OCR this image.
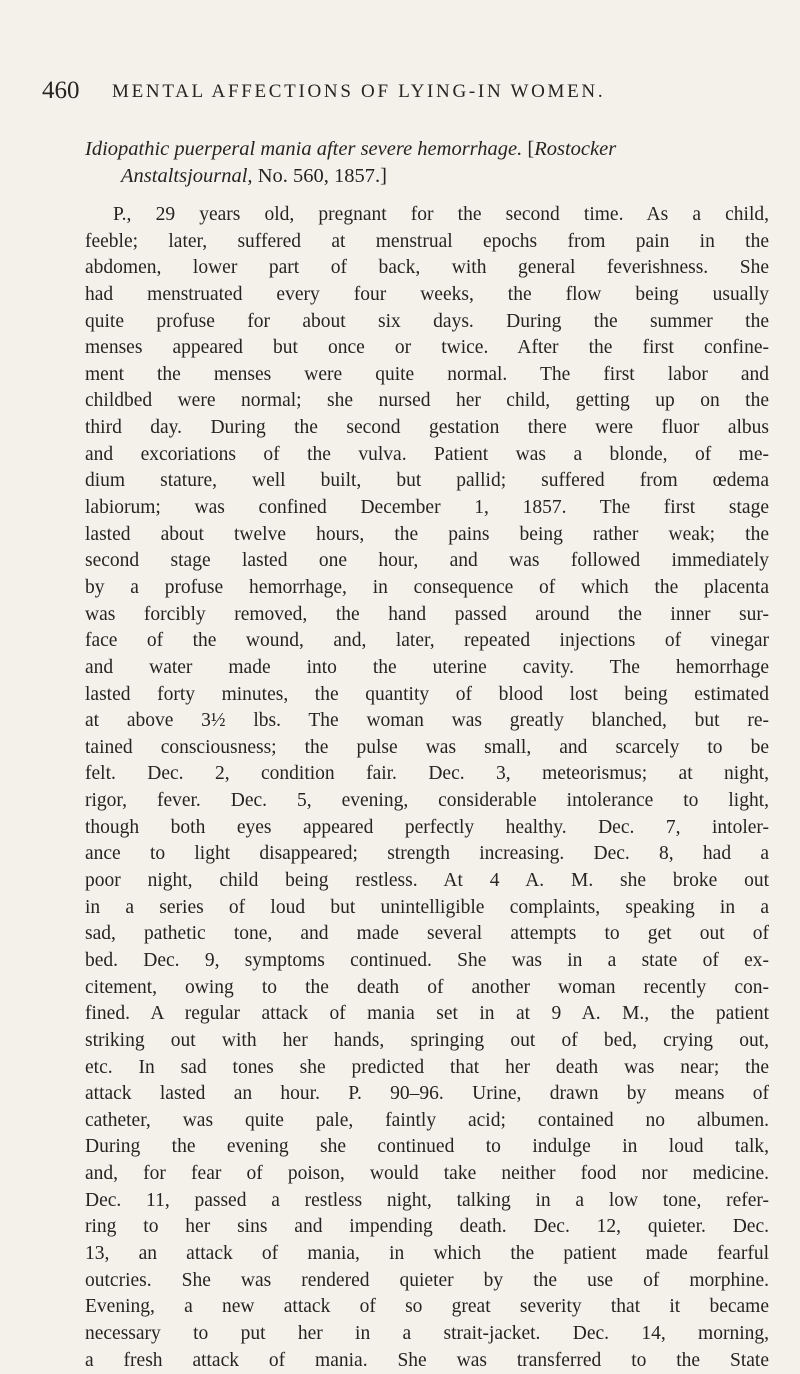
460 MENTAL AFFECTIONS OF LYING-IN WOMEN.
Idiopathic puerperal mania after severe hemorrhage. [Rostocker
Anstaltsjournal, No. 560, 1857.]
P., 29 years old, pregnant for the second time. As a child,
feeble; later, suffered at menstrual epochs from pain in the
abdomen, lower part of back, with general feverishness. She
had menstruated every four weeks, the flow being usually
quite profuse for about six days. During the summer the
menses appeared but once or twice. After the first confine-
ment the menses were quite normal. The first labor and
childbed were normal; she nursed her child, getting up on the
third day. During the second gestation there were fluor albus
and excoriations of the vulva. Patient was a blonde, of me-
dium stature, well built, but pallid; suffered from œdema
labiorum; was confined December 1, 1857. The first stage
lasted about twelve hours, the pains being rather weak; the
second stage lasted one hour, and was followed immediately
by a profuse hemorrhage, in consequence of which the placenta
was forcibly removed, the hand passed around the inner sur-
face of the wound, and, later, repeated injections of vinegar
and water made into the uterine cavity. The hemorrhage
lasted forty minutes, the quantity of blood lost being estimated
at above 3½ lbs. The woman was greatly blanched, but re-
tained consciousness; the pulse was small, and scarcely to be
felt. Dec. 2, condition fair. Dec. 3, meteorismus; at night,
rigor, fever. Dec. 5, evening, considerable intolerance to light,
though both eyes appeared perfectly healthy. Dec. 7, intoler-
ance to light disappeared; strength increasing. Dec. 8, had a
poor night, child being restless. At 4 A. M. she broke out
in a series of loud but unintelligible complaints, speaking in a
sad, pathetic tone, and made several attempts to get out of
bed. Dec. 9, symptoms continued. She was in a state of ex-
citement, owing to the death of another woman recently con-
fined. A regular attack of mania set in at 9 A. M., the patient
striking out with her hands, springing out of bed, crying out,
etc. In sad tones she predicted that her death was near; the
attack lasted an hour. P. 90–96. Urine, drawn by means of
catheter, was quite pale, faintly acid; contained no albumen.
During the evening she continued to indulge in loud talk,
and, for fear of poison, would take neither food nor medicine.
Dec. 11, passed a restless night, talking in a low tone, refer-
ring to her sins and impending death. Dec. 12, quieter. Dec.
13, an attack of mania, in which the patient made fearful
outcries. She was rendered quieter by the use of morphine.
Evening, a new attack of so great severity that it became
necessary to put her in a strait-jacket. Dec. 14, morning,
a fresh attack of mania. She was transferred to the State
